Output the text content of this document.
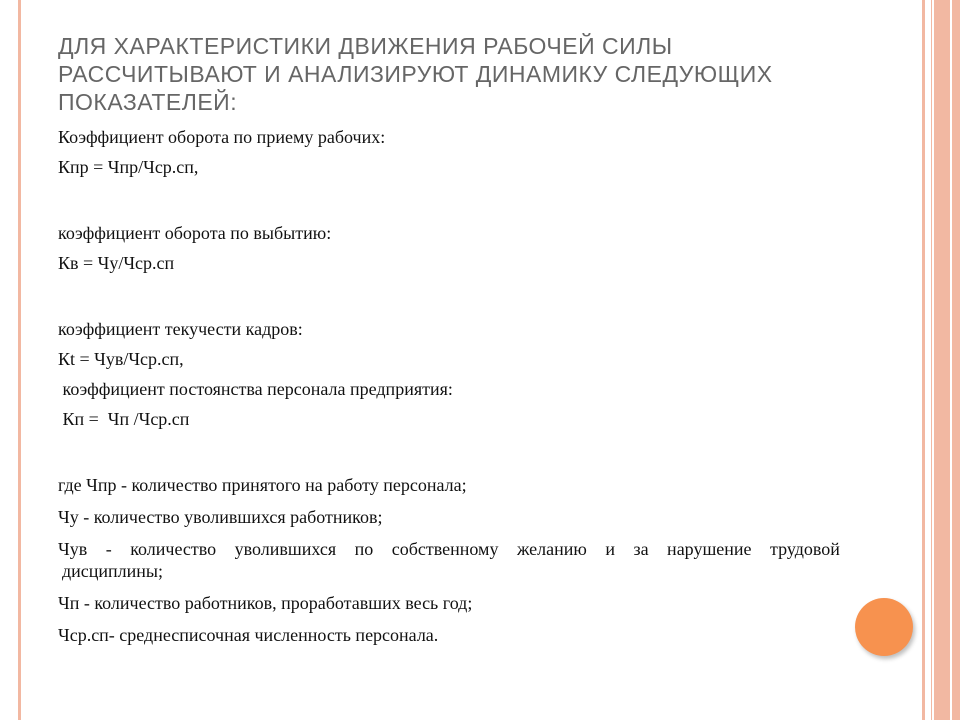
ДЛЯ ХАРАКТЕРИСТИКИ ДВИЖЕНИЯ РАБОЧЕЙ СИЛЫ
РАССЧИТЫВАЮТ И АНАЛИЗИРУЮТ ДИНАМИКУ СЛЕДУЮЩИХ
ПОКАЗАТЕЛЕЙ:

Коэффициент оборота по приему рабочих:

Кпр = Чпр/Чср.сп,

коэффициент оборота по выбытию:

Кв = Чу/Чср.сп

коэффициент текучести кадров:

Кt = Чув/Чср.сп,

коэффициент постоянства персонала предприятия:

Кп =  Чп /Чср.сп

где Чпр - количество принятого на работу персонала;

Чу - количество уволившихся работников;

Чув - количество уволившихся по собственному желанию и за нарушение трудовой

дисциплины;

Чп - количество работников, проработавших весь год;

Чср.сп- среднесписочная численность персонала.
